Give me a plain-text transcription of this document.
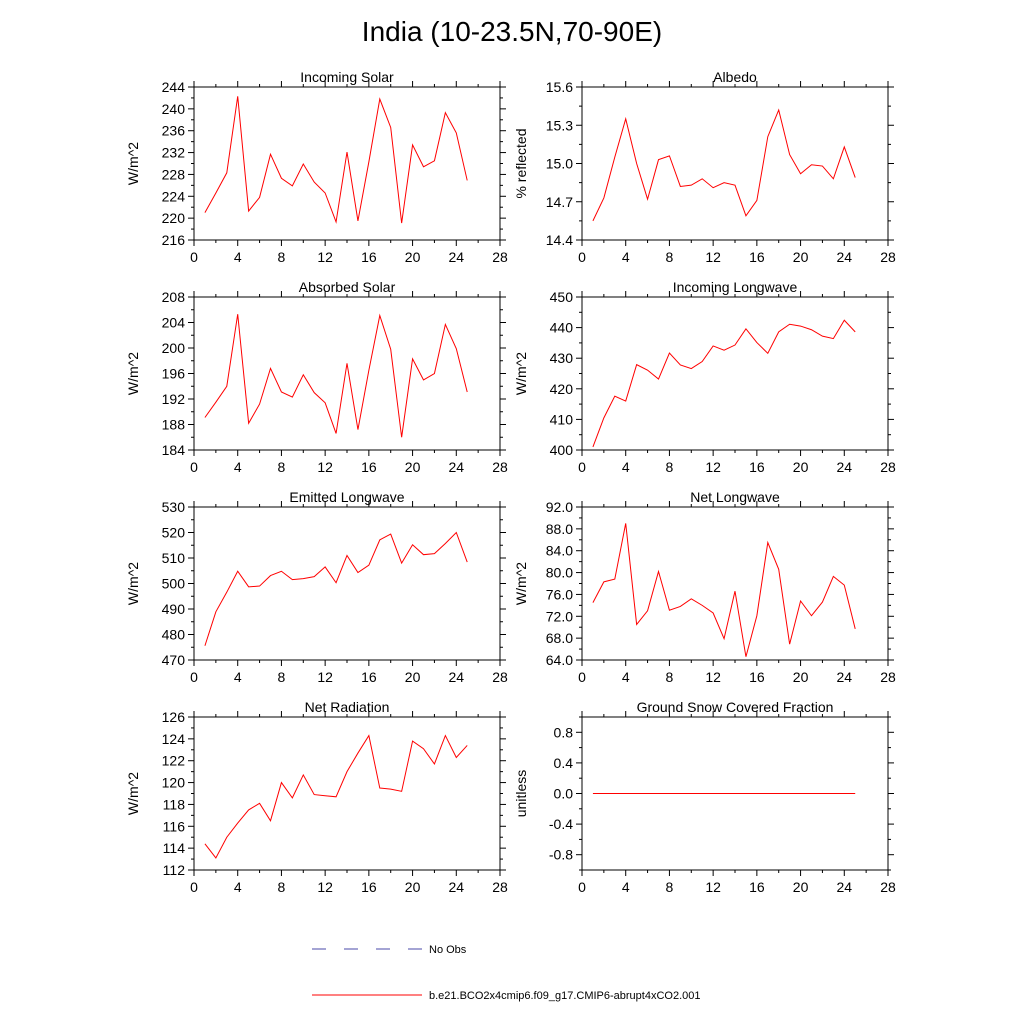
India (10-23.5N,70-90E)
Incoming Solar
0	4	8 12 16 20 24 28
216
220
224
228
232
236
240
244
W/m^2
Albedo
0	4	8 12 16 20 24 28
14.4
14.7
15.0
15.3
15.6
% reflected
Absorbed Solar
0	4	8 12 16 20 24 28
184
188
192
196
200
204
208
W/m^2
Incoming Longwave
0	4	8 12 16 20 24 28
400
410
420
430
440
450
W/m^2
Emitted Longwave
0	4	8 12 16 20 24 28
470
480
490
500
510
520
530
W/m^2
Net Longwave
0	4	8 12 16 20 24 28
64.0
68.0
72.0
76.0
80.0
84.0
88.0
92.0
W/m^2
Net Radiation
0	4	8 12 16 20 24 28
112
114
116
118
120
122
124
126
W/m^2
Ground Snow Covered Fraction
0	4	8 12 16 20 24 28
-0.8
-0.4
0.0
0.4
0.8
unitless
No Obs
b.e21.BCO2x4cmip6.f09_g17.CMIP6-abrupt4xCO2.001
